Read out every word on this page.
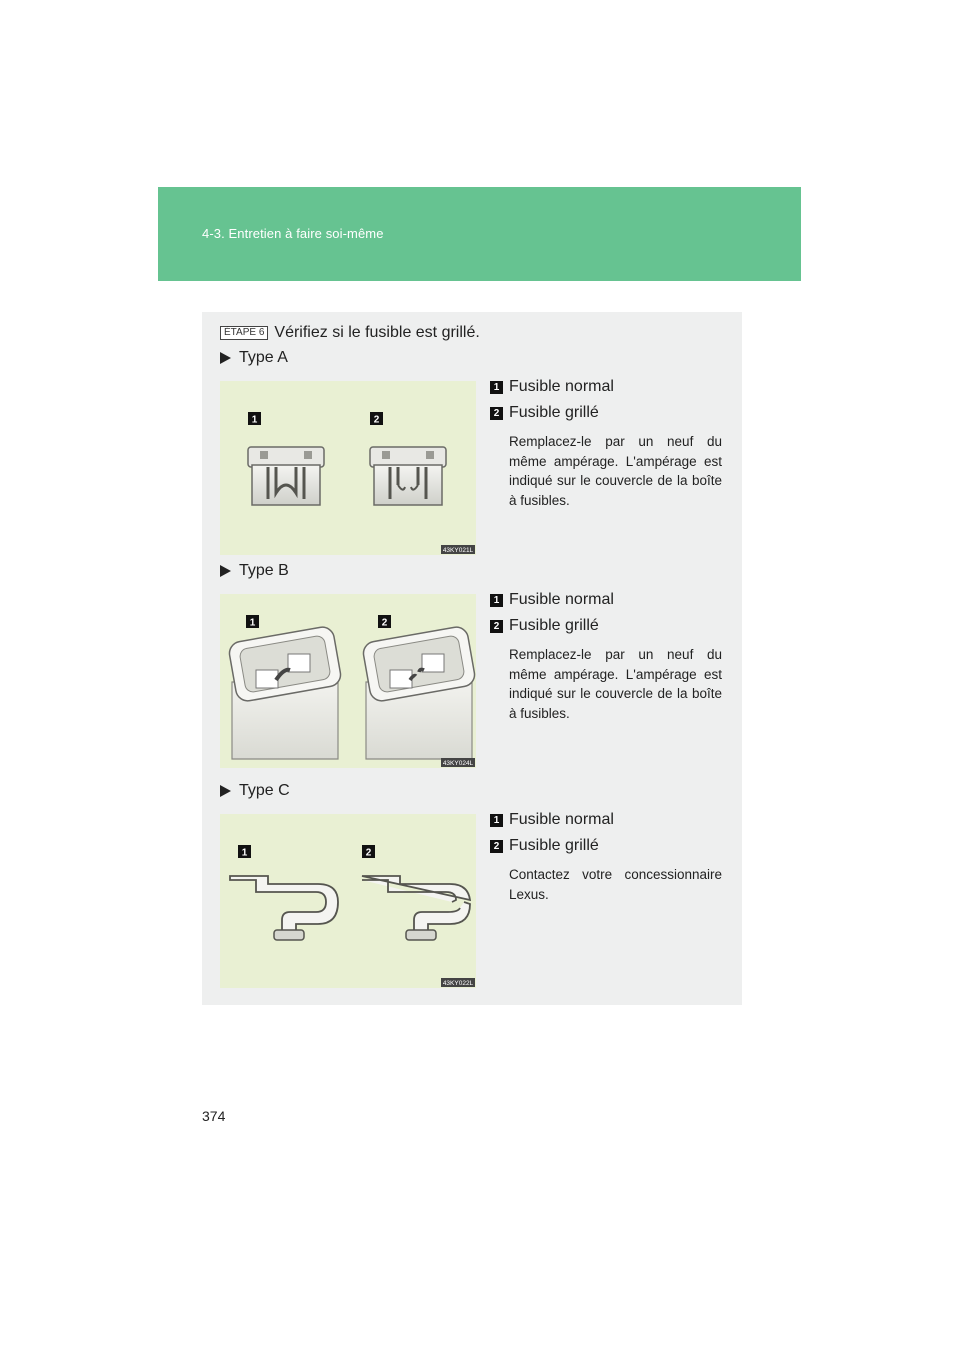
4-3. Entretien à faire soi-même
ÉTAPE 6 Vérifiez si le fusible est grillé.
Type A
1	2
43KY021L
1 Fusible normal
2 Fusible grillé

Remplacez-le par un neuf du même ampérage. L'ampérage est indiqué sur le couvercle de la boîte à fusibles.

Type B
1	2
43KY024L
1 Fusible normal
2 Fusible grillé

Remplacez-le par un neuf du même ampérage. L'ampérage est indiqué sur le couvercle de la boîte à fusibles.

Type C
1	2
43KY022L
1 Fusible normal
2 Fusible grillé

Contactez votre concessionnaire Lexus.

374
